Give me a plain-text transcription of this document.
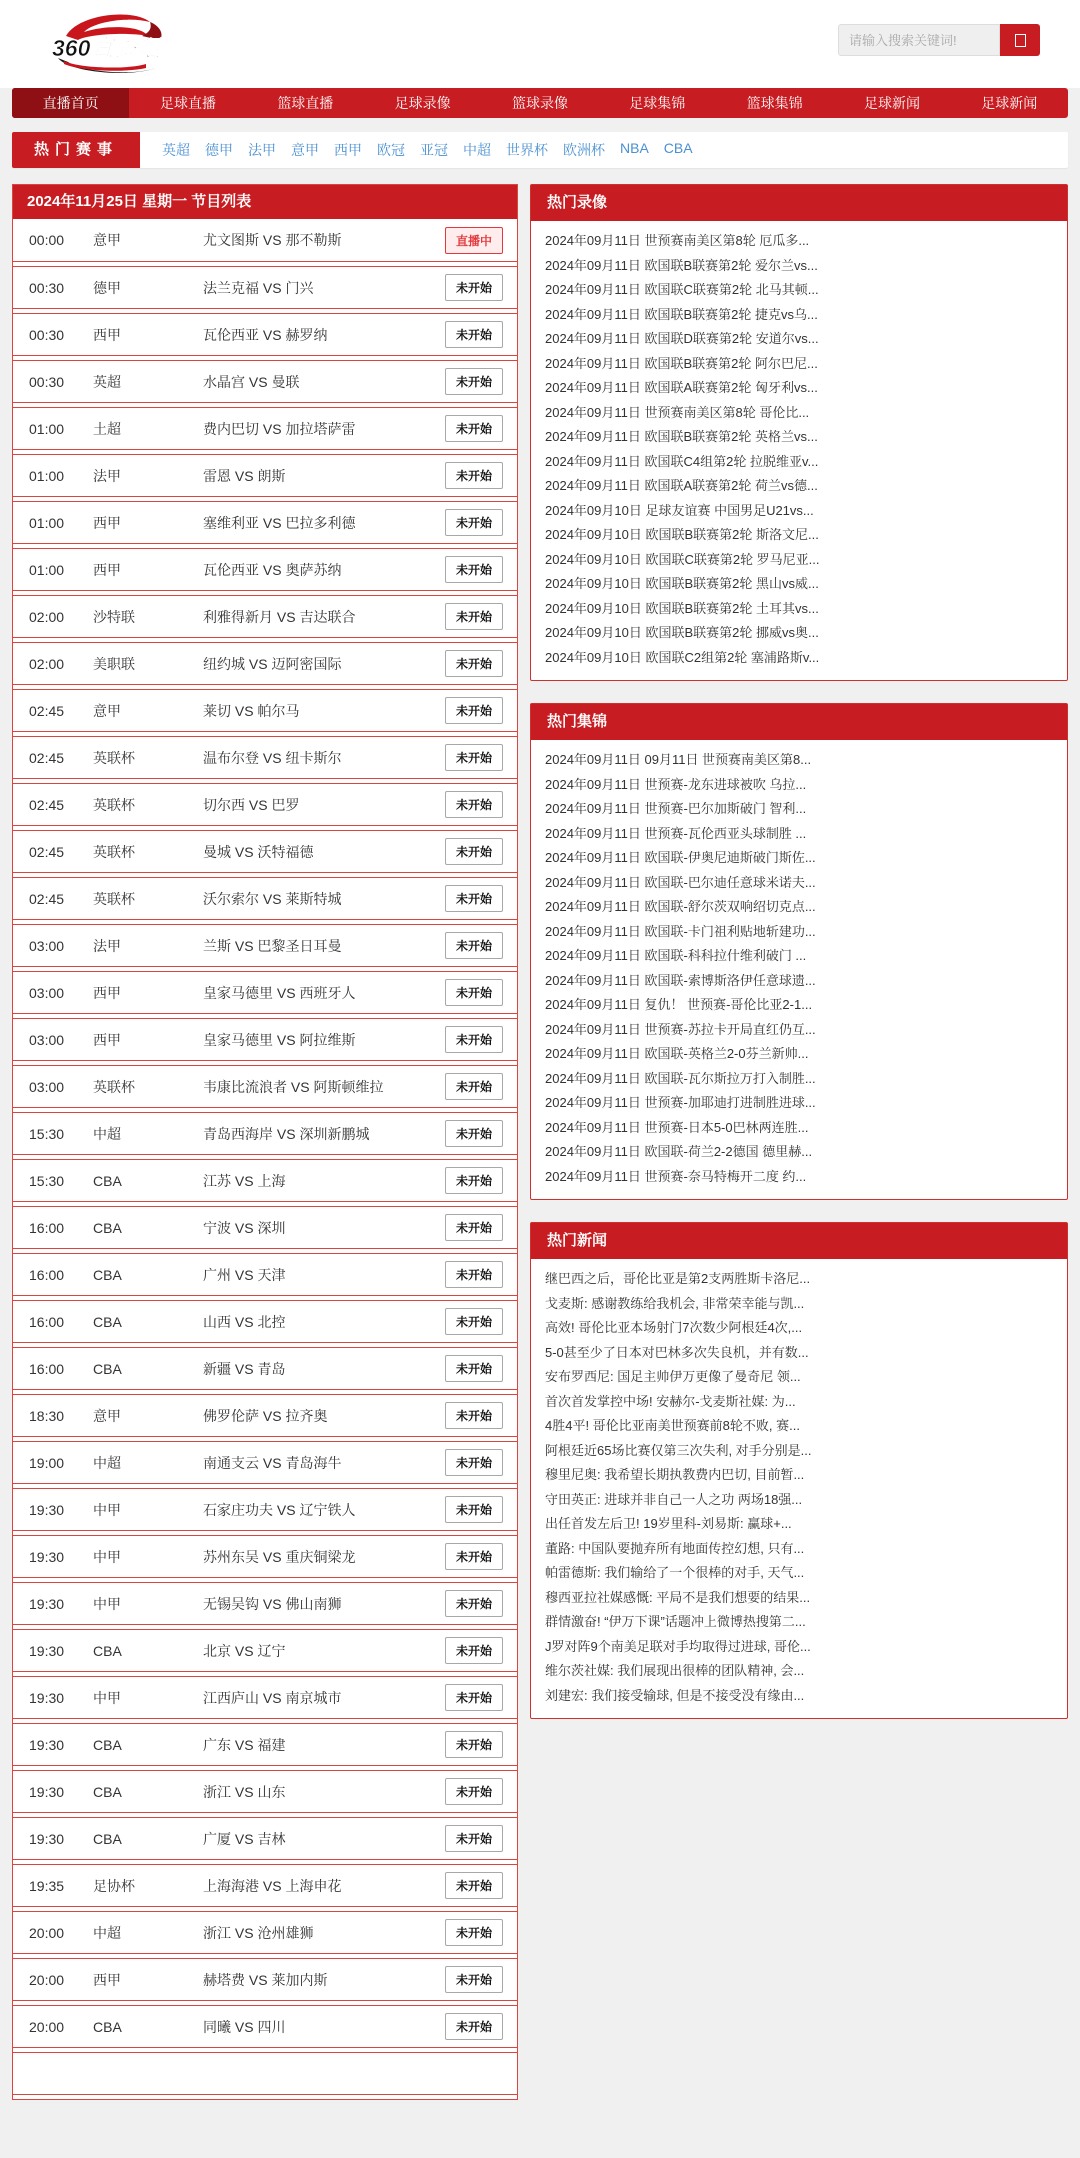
360直播吧
请输入搜索关键词!
直播首页	足球直播	篮球直播	足球录像	篮球录像	足球集锦	篮球集锦	足球新闻	足球新闻
热门赛事	英超 德甲 法甲 意甲 西甲 欧冠 亚冠 中超 世界杯 欧洲杯 NBA CBA
2024年11月25日 星期一 节目列表
00:00	意甲	尤文图斯 VS 那不勒斯	直播中
00:30	德甲	法兰克福 VS 门兴	未开始
00:30	西甲	瓦伦西亚 VS 赫罗纳	未开始
00:30	英超	水晶宫 VS 曼联	未开始
01:00	土超	费内巴切 VS 加拉塔萨雷	未开始
01:00	法甲	雷恩 VS 朗斯	未开始
01:00	西甲	塞维利亚 VS 巴拉多利德	未开始
01:00	西甲	瓦伦西亚 VS 奥萨苏纳	未开始
02:00	沙特联	利雅得新月 VS 吉达联合	未开始
02:00	美职联	纽约城 VS 迈阿密国际	未开始
02:45	意甲	莱切 VS 帕尔马	未开始
02:45	英联杯	温布尔登 VS 纽卡斯尔	未开始
02:45	英联杯	切尔西 VS 巴罗	未开始
02:45	英联杯	曼城 VS 沃特福德	未开始
02:45	英联杯	沃尔索尔 VS 莱斯特城	未开始
03:00	法甲	兰斯 VS 巴黎圣日耳曼	未开始
03:00	西甲	皇家马德里 VS 西班牙人	未开始
03:00	西甲	皇家马德里 VS 阿拉维斯	未开始
03:00	英联杯	韦康比流浪者 VS 阿斯顿维拉	未开始
15:30	中超	青岛西海岸 VS 深圳新鹏城	未开始
15:30	CBA	江苏 VS 上海	未开始
16:00	CBA	宁波 VS 深圳	未开始
16:00	CBA	广州 VS 天津	未开始
16:00	CBA	山西 VS 北控	未开始
16:00	CBA	新疆 VS 青岛	未开始
18:30	意甲	佛罗伦萨 VS 拉齐奥	未开始
19:00	中超	南通支云 VS 青岛海牛	未开始
19:30	中甲	石家庄功夫 VS 辽宁铁人	未开始
19:30	中甲	苏州东吴 VS 重庆铜梁龙	未开始
19:30	中甲	无锡吴钩 VS 佛山南狮	未开始
19:30	CBA	北京 VS 辽宁	未开始
19:30	中甲	江西庐山 VS 南京城市	未开始
19:30	CBA	广东 VS 福建	未开始
19:30	CBA	浙江 VS 山东	未开始
19:30	CBA	广厦 VS 吉林	未开始
19:35	足协杯	上海海港 VS 上海申花	未开始
20:00	中超	浙江 VS 沧州雄狮	未开始
20:00	西甲	赫塔费 VS 莱加内斯	未开始
20:00	CBA	同曦 VS 四川	未开始
热门录像
2024年09月11日 世预赛南美区第8轮 厄瓜多...
2024年09月11日 欧国联B联赛第2轮 爱尔兰vs...
2024年09月11日 欧国联C联赛第2轮 北马其顿...
2024年09月11日 欧国联B联赛第2轮 捷克vs乌...
2024年09月11日 欧国联D联赛第2轮 安道尔vs...
2024年09月11日 欧国联B联赛第2轮 阿尔巴尼...
2024年09月11日 欧国联A联赛第2轮 匈牙利vs...
2024年09月11日 世预赛南美区第8轮 哥伦比...
2024年09月11日 欧国联B联赛第2轮 英格兰vs...
2024年09月11日 欧国联C4组第2轮 拉脱维亚v...
2024年09月11日 欧国联A联赛第2轮 荷兰vs德...
2024年09月10日 足球友谊赛 中国男足U21vs...
2024年09月10日 欧国联B联赛第2轮 斯洛文尼...
2024年09月10日 欧国联C联赛第2轮 罗马尼亚...
2024年09月10日 欧国联B联赛第2轮 黑山vs威...
2024年09月10日 欧国联B联赛第2轮 土耳其vs...
2024年09月10日 欧国联B联赛第2轮 挪威vs奥...
2024年09月10日 欧国联C2组第2轮 塞浦路斯v...
热门集锦
2024年09月11日 09月11日 世预赛南美区第8...
2024年09月11日 世预赛-龙东进球被吹 乌拉...
2024年09月11日 世预赛-巴尔加斯破门 智利...
2024年09月11日 世预赛-瓦伦西亚头球制胜 ...
2024年09月11日 欧国联-伊奥尼迪斯破门斯佐...
2024年09月11日 欧国联-巴尔迪任意球米诺夫...
2024年09月11日 欧国联-舒尔茨双响绍切克点...
2024年09月11日 欧国联-卡门祖利贴地斩建功...
2024年09月11日 欧国联-科科拉什维利破门 ...
2024年09月11日 欧国联-索博斯洛伊任意球遗...
2024年09月11日 复仇！ 世预赛-哥伦比亚2-1...
2024年09月11日 世预赛-苏拉卡开局直红仍互...
2024年09月11日 欧国联-英格兰2-0芬兰新帅...
2024年09月11日 欧国联-瓦尔斯拉万打入制胜...
2024年09月11日 世预赛-加耶迪打进制胜进球...
2024年09月11日 世预赛-日本5-0巴林两连胜...
2024年09月11日 欧国联-荷兰2-2德国 德里赫...
2024年09月11日 世预赛-奈马特梅开二度 约...
热门新闻
继巴西之后，哥伦比亚是第2支两胜斯卡洛尼...
戈麦斯: 感谢教练给我机会, 非常荣幸能与凯...
高效! 哥伦比亚本场射门7次数少阿根廷4次,...
5-0甚至少了日本对巴林多次失良机，并有数...
安布罗西尼: 国足主帅伊万更像了曼奇尼 领...
首次首发掌控中场! 安赫尔-戈麦斯社媒: 为...
4胜4平! 哥伦比亚南美世预赛前8轮不败, 赛...
阿根廷近65场比赛仅第三次失利, 对手分别是...
穆里尼奥: 我希望长期执教费内巴切, 目前暂...
守田英正: 进球并非自己一人之功 两场18强...
出任首发左后卫! 19岁里科-刘易斯: 赢球+...
董路: 中国队要抛弃所有地面传控幻想, 只有...
帕雷德斯: 我们输给了一个很棒的对手, 天气...
穆西亚拉社媒感慨: 平局不是我们想要的结果...
群情激奋! “伊万下课”话题冲上微博热搜第二...
J罗对阵9个南美足联对手均取得过进球, 哥伦...
维尔茨社媒: 我们展现出很棒的团队精神, 会...
刘建宏: 我们接受输球, 但是不接受没有缘由...
